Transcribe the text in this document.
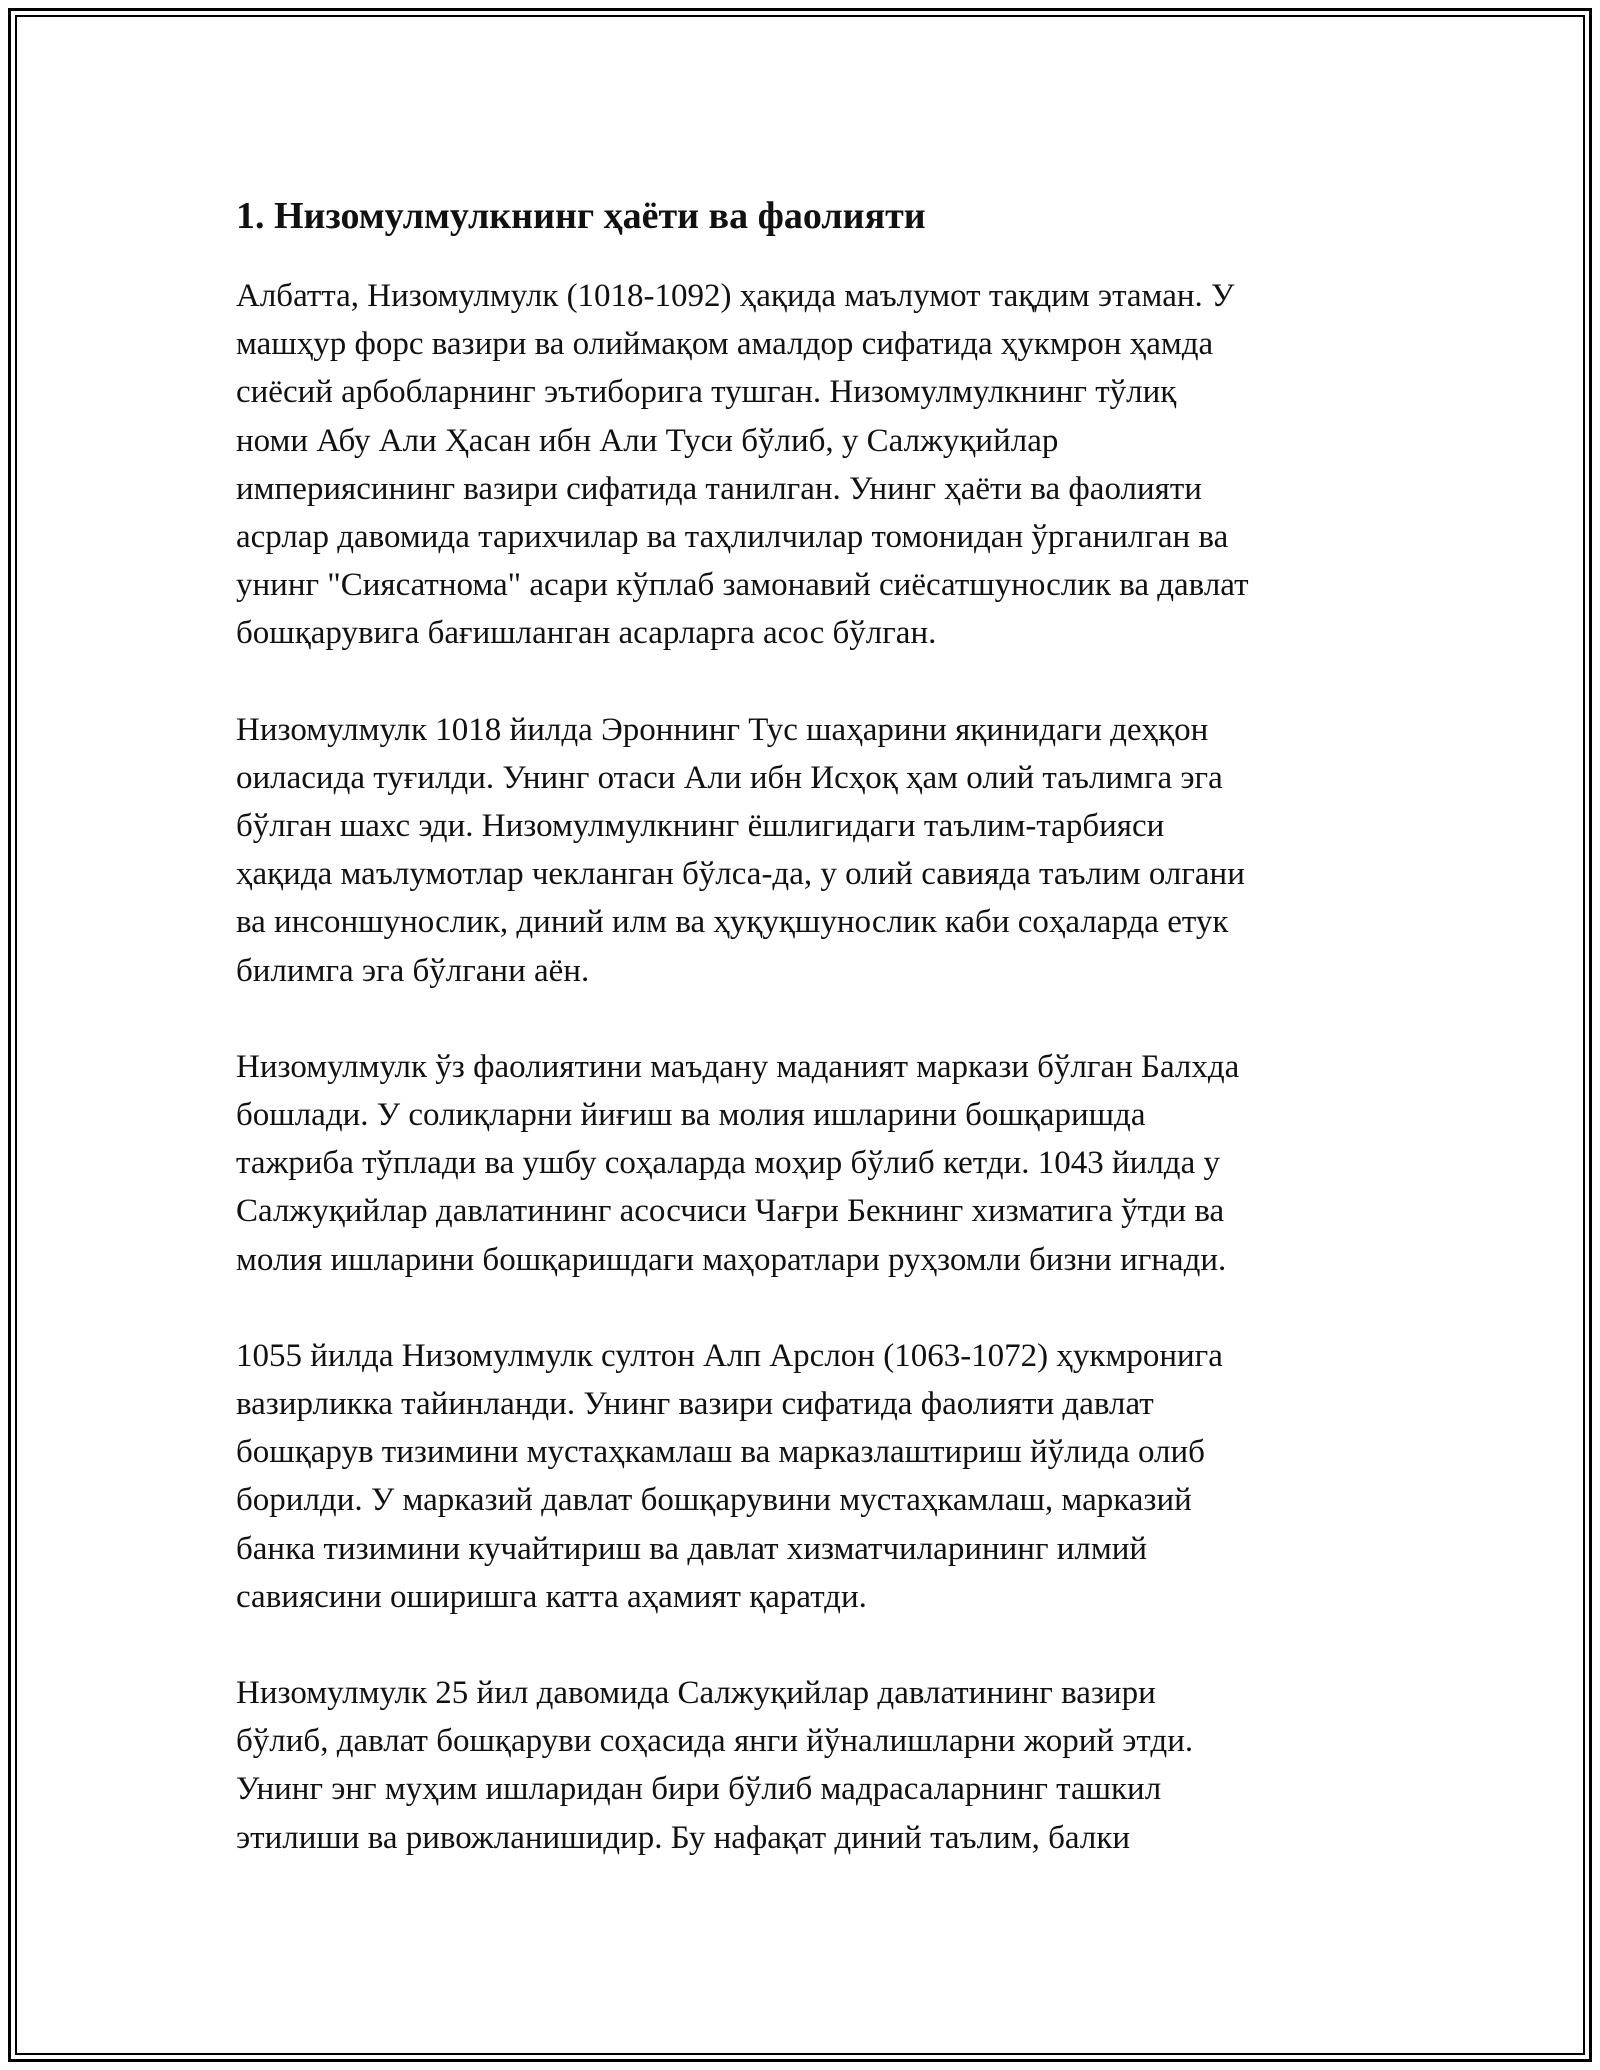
1. Низомулмулкнинг ҳаёти ва фаолияти

Албатта, Низомулмулк (1018-1092) ҳақида маълумот тақдим этаман. У
машҳур форс вазири ва олиймақом амалдор сифатида ҳукмрон ҳамда
сиёсий арбобларнинг эътиборига тушган. Низомулмулкнинг тўлиқ
номи Абу Али Ҳасан ибн Али Туси бўлиб, у Салжуқийлар
империясининг вазири сифатида танилган. Унинг ҳаёти ва фаолияти
асрлар давомида тарихчилар ва таҳлилчилар томонидан ўрганилган ва
унинг "Сиясатнома" асари кўплаб замонавий сиёсатшунослик ва давлат
бошқарувига бағишланган асарларга асос бўлган.

Низомулмулк 1018 йилда Эроннинг Тус шаҳарини яқинидаги деҳқон
оиласида туғилди. Унинг отаси Али ибн Исҳоқ ҳам олий таълимга эга
бўлган шахс эди. Низомулмулкнинг ёшлигидаги таълим-тарбияси
ҳақида маълумотлар чекланган бўлса-да, у олий савияда таълим олгани
ва инсоншунослик, диний илм ва ҳуқуқшунослик каби соҳаларда етук
билимга эга бўлгани аён.

Низомулмулк ўз фаолиятини маъдану маданият маркази бўлган Балхда
бошлади. У солиқларни йиғиш ва молия ишларини бошқаришда
тажриба тўплади ва ушбу соҳаларда моҳир бўлиб кетди. 1043 йилда у
Салжуқийлар давлатининг асосчиси Чағри Бекнинг хизматига ўтди ва
молия ишларини бошқаришдаги маҳоратлари руҳзомли бизни игнади.

1055 йилда Низомулмулк султон Алп Арслон (1063-1072) ҳукмронига
вазирликка тайинланди. Унинг вазири сифатида фаолияти давлат
бошқарув тизимини мустаҳкамлаш ва марказлаштириш йўлида олиб
борилди. У марказий давлат бошқарувини мустаҳкамлаш, марказий
банка тизимини кучайтириш ва давлат хизматчиларининг илмий
савиясини оширишга катта аҳамият қаратди.

Низомулмулк 25 йил давомида Салжуқийлар давлатининг вазири
бўлиб, давлат бошқаруви соҳасида янги йўналишларни жорий этди.
Унинг энг муҳим ишларидан бири бўлиб мадрасаларнинг ташкил
этилиши ва ривожланишидир. Бу нафақат диний таълим, балки
